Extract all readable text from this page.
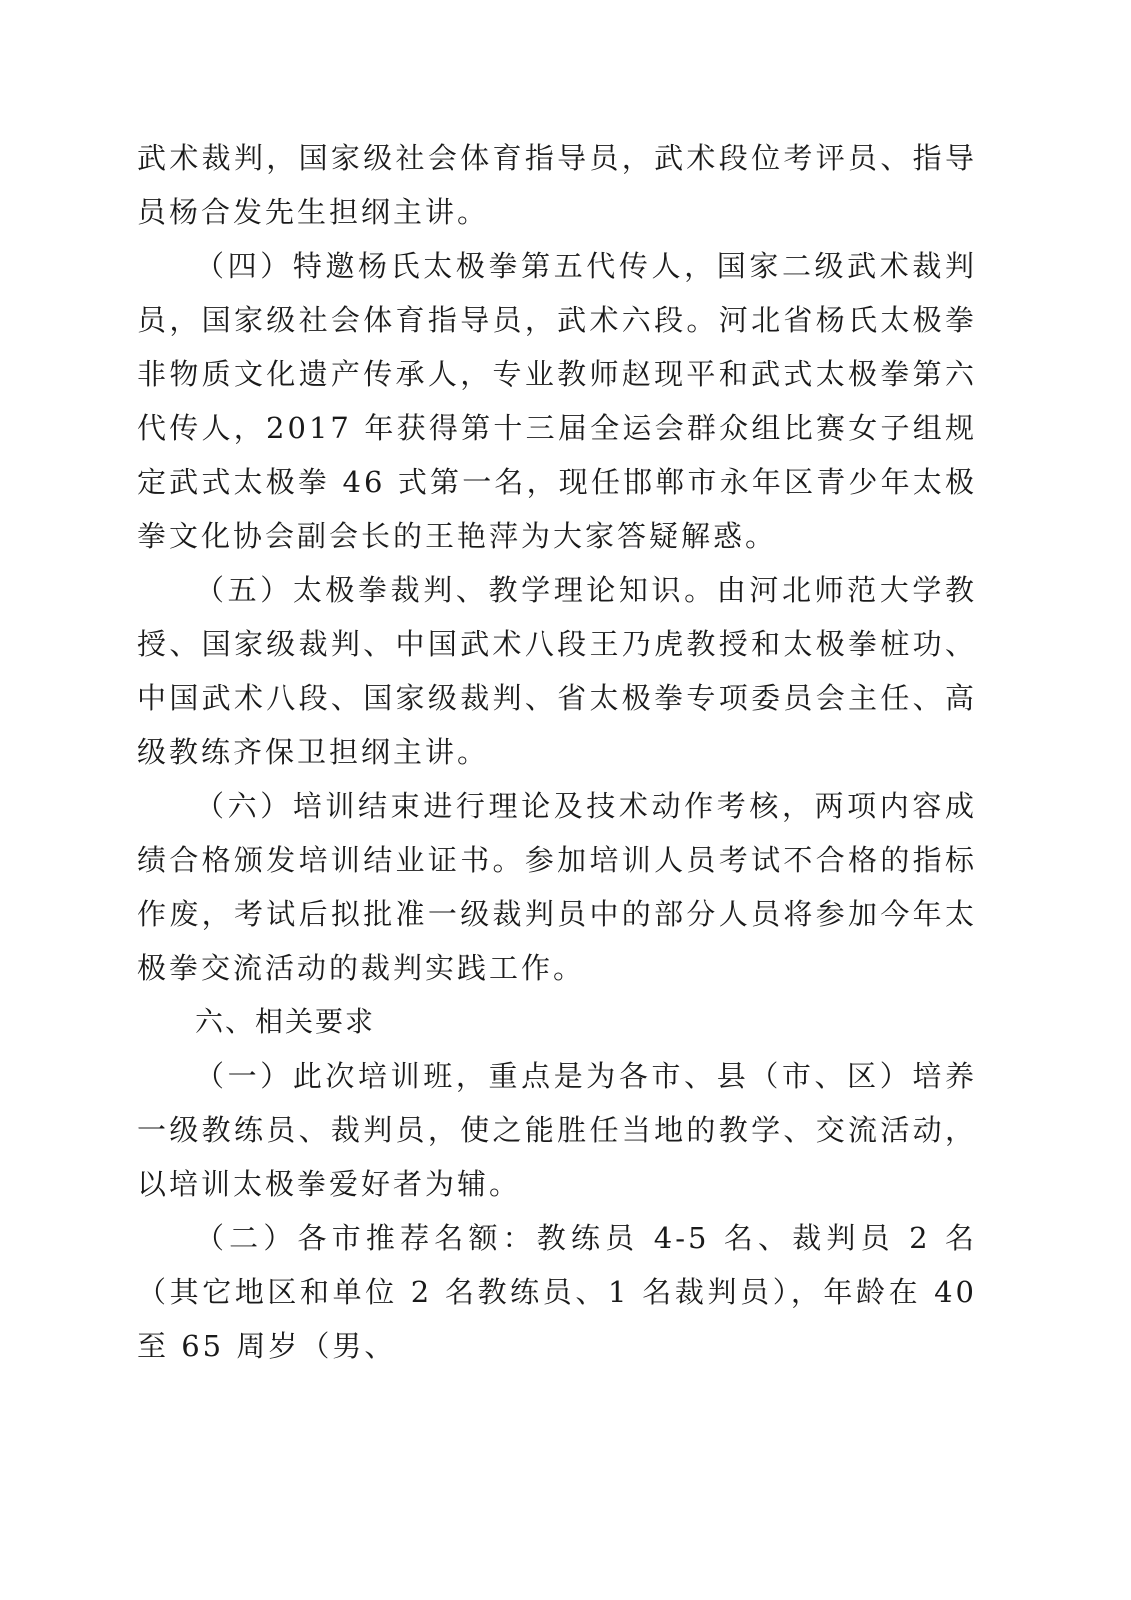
武术裁判，国家级社会体育指导员，武术段位考评员、指导员杨合发先生担纲主讲。

（四）特邀杨氏太极拳第五代传人，国家二级武术裁判员，国家级社会体育指导员，武术六段。河北省杨氏太极拳非物质文化遗产传承人，专业教师赵现平和武式太极拳第六代传人，2017 年获得第十三届全运会群众组比赛女子组规定武式太极拳 46 式第一名，现任邯郸市永年区青少年太极拳文化协会副会长的王艳萍为大家答疑解惑。

（五）太极拳裁判、教学理论知识。由河北师范大学教授、国家级裁判、中国武术八段王乃虎教授和太极拳桩功、中国武术八段、国家级裁判、省太极拳专项委员会主任、高级教练齐保卫担纲主讲。

（六）培训结束进行理论及技术动作考核，两项内容成绩合格颁发培训结业证书。参加培训人员考试不合格的指标作废，考试后拟批准一级裁判员中的部分人员将参加今年太极拳交流活动的裁判实践工作。

六、相关要求

（一）此次培训班，重点是为各市、县（市、区）培养一级教练员、裁判员，使之能胜任当地的教学、交流活动，以培训太极拳爱好者为辅。

（二）各市推荐名额：教练员 4-5 名、裁判员 2 名（其它地区和单位 2 名教练员、1 名裁判员），年龄在 40 至 65 周岁（男、
